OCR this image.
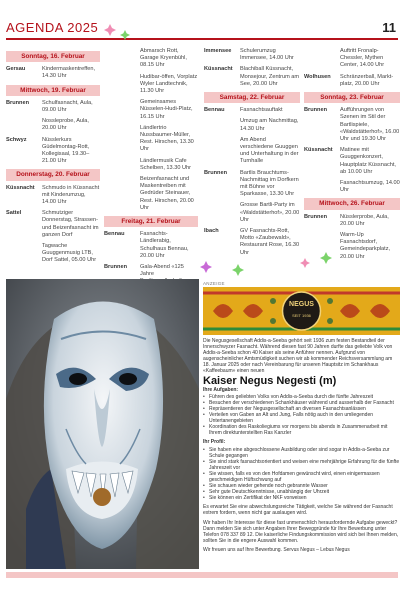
AGENDA 2025	11
Sonntag, 16. Februar
Gersau	Kindermaskentreffen, 14.30 Uhr
Mittwoch, 19. Februar
Brunnen	Schulfasnacht, Aula, 09.00 Uhr
Nossleprobe, Aula, 20.00 Uhr
Schwyz	Nüsslerkurs Güdelmontag-Rott, Kollegisaal, 19.30–21.00 Uhr
Donnerstag, 20. Februar
Küssnacht	Schmudo in Küssnacht mit Kinderumzug, 14.00 Uhr
Sattel	Schmutziger Donnerstag, Strassen- und Beizenfasnacht im ganzen Dorf
Tagwache Guuggenmusig LTB, Dorf Sattel, 05.00 Uhr
Abmarsch Rott, Garage Kryenbühl, 08.15 Uhr
Hudibar-öffen, Vorplatz Wyler Landtechnik, 11.30 Uhr
Gemeinsames Nüsselen-Hudi-Platz, 16.15 Uhr
Ländlertrio Nussbaumer-Müller, Rest. Hirschen, 13.30 Uhr
Ländlermusik Cafe Schelben, 13.30 Uhr
Beizenfasnacht und Maskentreiben mit Gedrüder Steinauer, Rest. Hirschen, 20.00 Uhr
Freitag, 21. Februar
Bennau	Fasnachts-Ländlerabig, Schulhaus Bennau, 20.00 Uhr
Brunnen	Gala-Abend «125 Jahre
Immensee	Schulerumzug Immensee, 14.00 Uhr
Küssnacht	Blachiball Küssnacht, Monsejour, Zentrum am See, 20.00 Uhr
Samstag, 22. Februar
Bennau	Fasnachtsauftakt
Umzug am Nachmittag, 14.30 Uhr
Am Abend verschiedene Guuggen und Unterhaltung in der Turnhalle
Brunnen	Bartlis Brauchtums-Nachmittag im Dorfkern mit Bühne vor Sparkasse, 13.30 Uhr
Grosse Bartli-Party im «Waldstätterhof», 20.00 Uhr
Ibach	GV Fasnachts-Rott, Motto «Zaubewald», Restaurant Rose, 16.30 Uhr
Auftritt Fronalp-Chessler, Mythen Center, 14.00 Uhr
Wolhusen	Schränzerball, Markt-platz, 20.00 Uhr
Sonntag, 23. Februar
Brunnen	Aufführungen von Szenen im Stil der Bartlispiele, «Waldstätterhof», 16.00 Uhr und 19.30 Uhr
Küssnacht	Matinee mit Guuggenkonzert, Hauptplatz Küssnacht, ab 10.00 Uhr
Fasnachtsumzug, 14.00 Uhr
Mittwoch, 26. Februar
Brunnen	Nüsslerprobe, Aula, 20.00 Uhr
Warm-Up Fasnachtsdorf, Gemeindeparkplatz, 20.00 Uhr
ANZEIGE
NEGUS
SEIT 1936
Die Negusgesellschaft Addis-a-Seeba gehört seit 1936 zum festen Bestandteil der Innerschwyzer Fasnacht. Während diesen fast 90 Jahren durfte das geliebte Volk von Addis-a-Seeba schon 40 Kaiser als seine Anführer nennen. Aufgrund von augenscheinlicher Amtsmüdigkeit suchen wir ab kommender Reichsversammlung am 18. Januar 2025 oder nach Vereinbarung für unseren Hauptsitz im Schankhaus «Kaffeebaum» einen neuen
Kaiser Negus Negesti (m)
Ihre Aufgaben:
• Führen des geliebten Volks von Addis-a-Seeba durch die fünfte Jahreszeit
• Besuchen der verschiedenen Schankhäuser während und ausserhalb der Fasnacht
• Repräsentieren der Negusgesellschaft an diversen Fasnachtsanlässen
• Verteilen von Gaben an Alt und Jung, Falls nötig auch in den umliegenden Untertanengebieten
• Koordination des Raskoliegiums vor morgens bis abends in Zusammenarbeit mit Ihrem direktunterstellten Ras Kanzler
Ihr Profil:
• Sie haben eine abgeschlossene Ausbildung oder sind sogar in Addis-a-Seeba zur Schule gegangen
• Sie sind stark fasnachtsorientiert und weisen eine mehrjährige Erfahrung für die fünfte Jahreszeit vor
• Sie wissen, falls es von den Hofdamen gewünscht wird, einen einigermassen geschmeidigen Hüftschwung auf
• Sie schauen wieder gehende noch gebrannte Wasser
• Sehr gute Deutschkenntnisse, unabhängig der Uhrzeit
• Sie können ein Zertifikat der NKF vorweisen
Es erwartet Sie eine abwechslungsreiche Tätigkeit, welche Sie während der Fasnacht extrem fordern, wenn nicht gar auslaugen wird.
Wir haben Ihr Interesse für diese fast unmenschlich herausfordernde Aufgabe geweckt? Dann melden Sie sich unter Angaben Ihrer Beweggründe für Ihre Bewerbung unter Telefon 078 337 89 12. Die kaiserliche Findungskommission wird sich bei Ihnen melden, sollten Sie in die engere Auswahl kommen.
Wir freuen uns auf Ihre Bewerbung. Servus Negus – Lebus Negus
